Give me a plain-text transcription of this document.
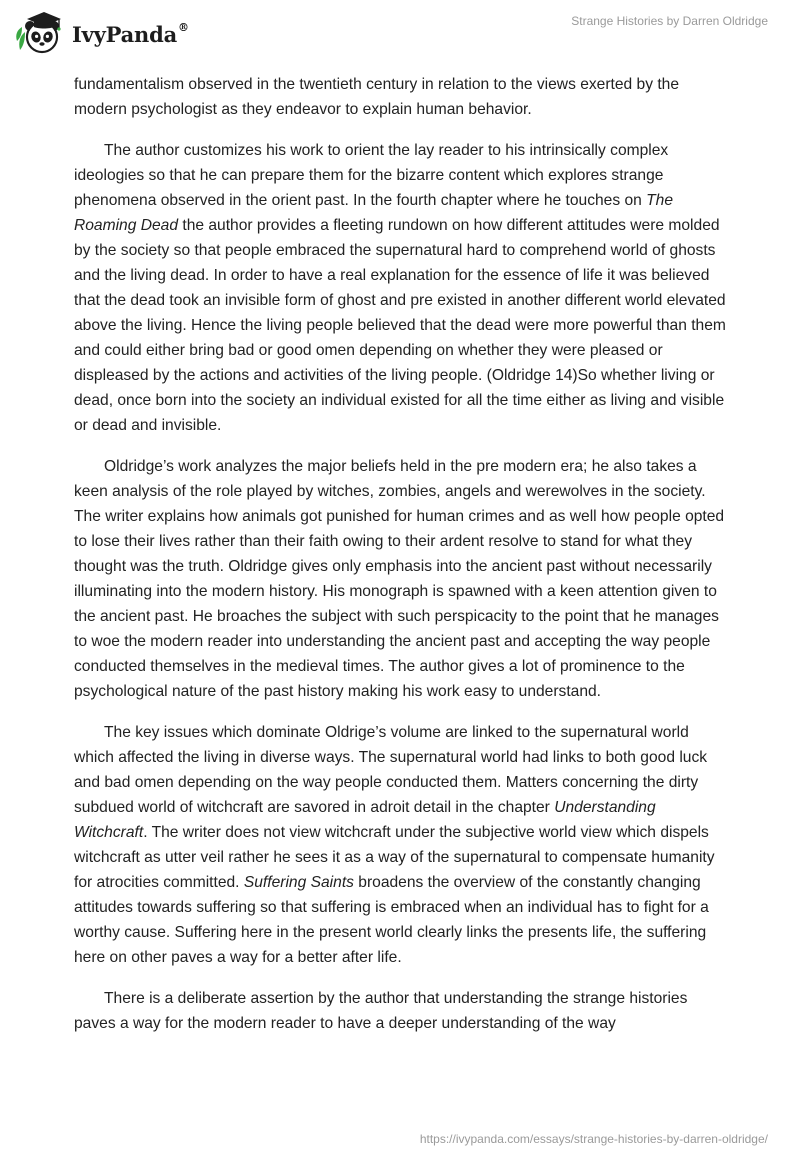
IvyPanda®	Strange Histories by Darren Oldridge

fundamentalism observed in the twentieth century in relation to the views exerted by the modern psychologist as they endeavor to explain human behavior.

The author customizes his work to orient the lay reader to his intrinsically complex ideologies so that he can prepare them for the bizarre content which explores strange phenomena observed in the orient past. In the fourth chapter where he touches on The Roaming Dead the author provides a fleeting rundown on how different attitudes were molded by the society so that people embraced the supernatural hard to comprehend world of ghosts and the living dead. In order to have a real explanation for the essence of life it was believed that the dead took an invisible form of ghost and pre existed in another different world elevated above the living. Hence the living people believed that the dead were more powerful than them and could either bring bad or good omen depending on whether they were pleased or displeased by the actions and activities of the living people. (Oldridge 14)So whether living or dead, once born into the society an individual existed for all the time either as living and visible or dead and invisible.

Oldridge’s work analyzes the major beliefs held in the pre modern era; he also takes a keen analysis of the role played by witches, zombies, angels and werewolves in the society. The writer explains how animals got punished for human crimes and as well how people opted to lose their lives rather than their faith owing to their ardent resolve to stand for what they thought was the truth. Oldridge gives only emphasis into the ancient past without necessarily illuminating into the modern history. His monograph is spawned with a keen attention given to the ancient past. He broaches the subject with such perspicacity to the point that he manages to woe the modern reader into understanding the ancient past and accepting the way people conducted themselves in the medieval times. The author gives a lot of prominence to the psychological nature of the past history making his work easy to understand.

The key issues which dominate Oldrige’s volume are linked to the supernatural world which affected the living in diverse ways. The supernatural world had links to both good luck and bad omen depending on the way people conducted them. Matters concerning the dirty subdued world of witchcraft are savored in adroit detail in the chapter Understanding Witchcraft. The writer does not view witchcraft under the subjective world view which dispels witchcraft as utter veil rather he sees it as a way of the supernatural to compensate humanity for atrocities committed. Suffering Saints broadens the overview of the constantly changing attitudes towards suffering so that suffering is embraced when an individual has to fight for a worthy cause. Suffering here in the present world clearly links the presents life, the suffering here on other paves a way for a better after life.

There is a deliberate assertion by the author that understanding the strange histories paves a way for the modern reader to have a deeper understanding of the way

https://ivypanda.com/essays/strange-histories-by-darren-oldridge/
